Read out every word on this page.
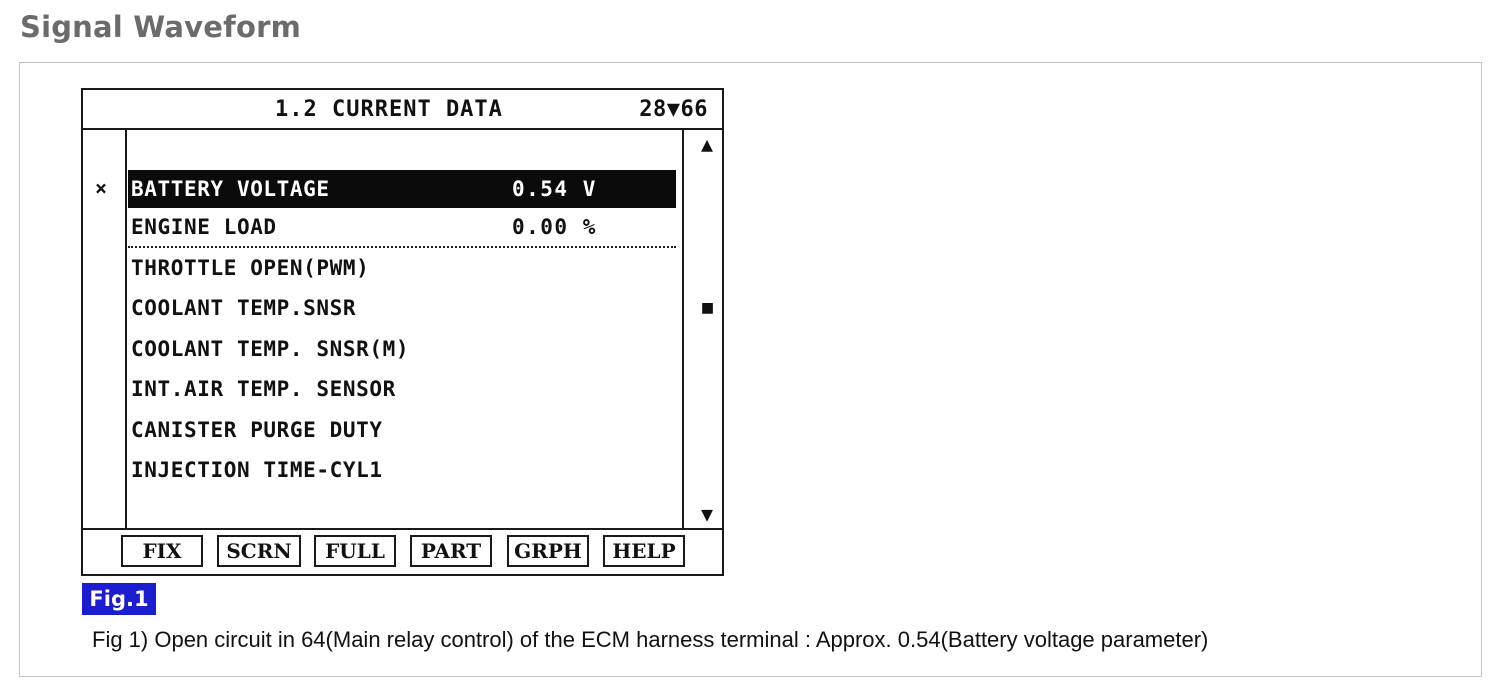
Signal Waveform
1.2 CURRENT DATA	28▼66
× BATTERY VOLTAGE	0.54 V
ENGINE LOAD	0.00 %
THROTTLE OPEN(PWM)
COOLANT TEMP.SNSR
COOLANT TEMP. SNSR(M)
INT.AIR TEMP. SENSOR
CANISTER PURGE DUTY
INJECTION TIME-CYL1
▲
■
▼
FIX	SCRN	FULL	PART	GRPH	HELP
Fig.1
Fig 1) Open circuit in 64(Main relay control) of the ECM harness terminal : Approx. 0.54(Battery voltage parameter)
